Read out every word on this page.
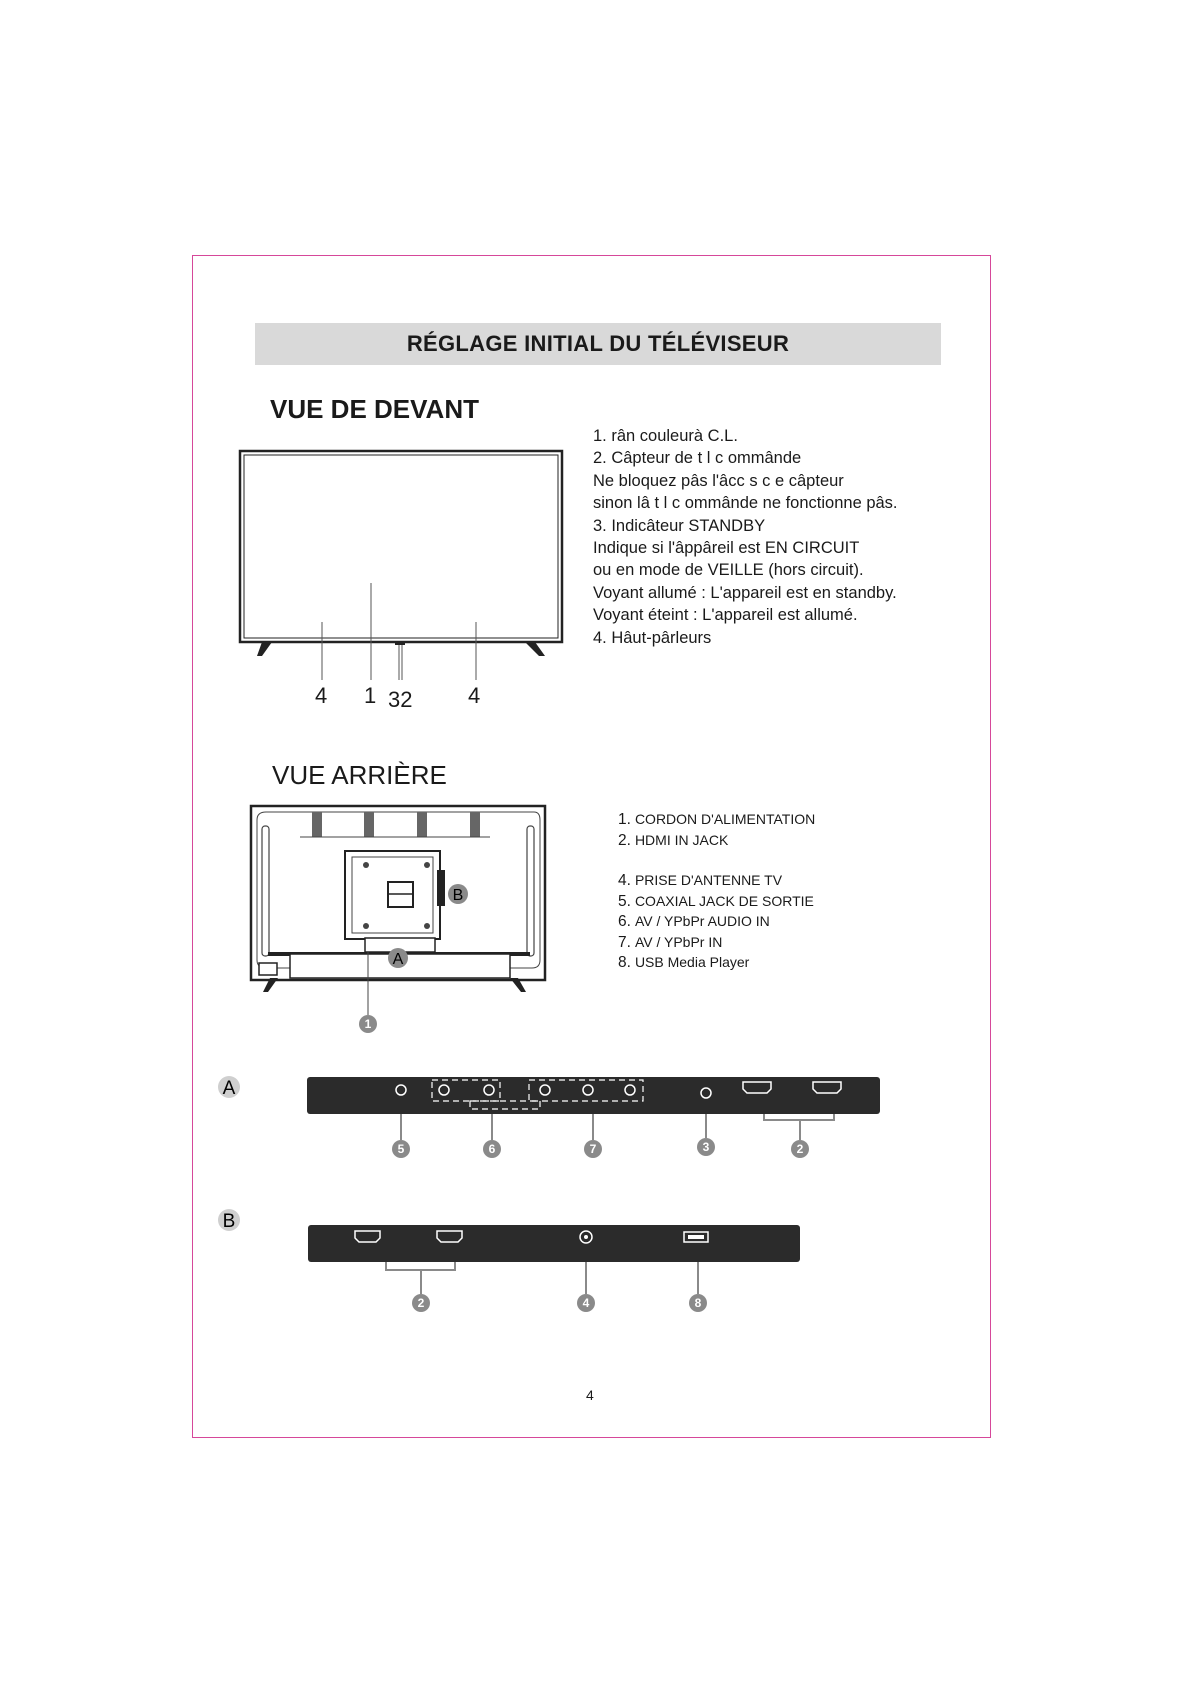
RÉGLAGE INITIAL DU TÉLÉVISEUR
VUE DE DEVANT
4 1 32	4
1. rân couleurà C.L.
2. Câpteur de t l c ommânde
Ne bloquez pâs l'âcc s c e câpteur
sinon lâ t l c ommânde ne fonctionne pâs.
3. Indicâteur STANDBY
Indique si l'âppâreil est EN CIRCUIT
ou en mode de VEILLE (hors circuit).
Voyant allumé : L'appareil est en standby.
Voyant éteint : L'appareil est allumé.
4. Hâut-pârleurs
VUE ARRIÈRE
B
A
1
1. CORDON D'ALIMENTATION
2. HDMI IN JACK
4. PRISE D'ANTENNE TV
5. COAXIAL JACK DE SORTIE
6. AV / YPbPr AUDIO IN
7. AV / YPbPr IN
8. USB Media Player
A
5	6	7	3	2
B
2	4	8
4
